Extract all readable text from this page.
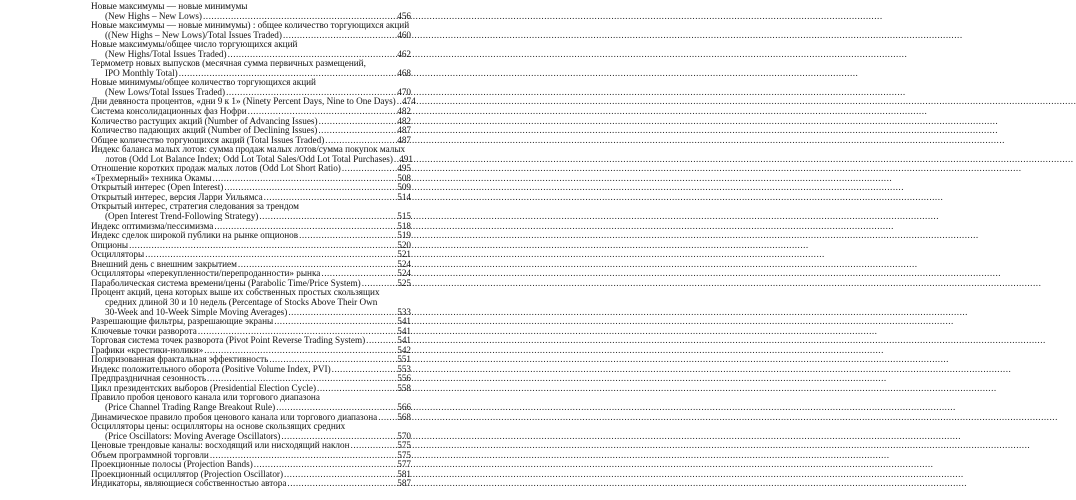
Новые максимумы — новые минимумы
(New Highs – New Lows) .....	456
Новые максимумы — новые минимумы) : общее количество торгующихся акций
((New Highs – New Lows)/Total Issues Traded) .....	460
Новые максимумы/общее число торгующихся акций
(New Highs/Total Issues Traded) .....	462
Термометр новых выпусков (месячная сумма первичных размещений,
IPO Monthly Total) .....	468
Новые минимумы/общее количество торгующихся акций
(New Lows/Total Issues Traded) .....	470
Дни девяноста процентов, «дни 9 к 1» (Ninety Percent Days, Nine to One Days) ..... 474
Система консолидационных фаз Нофри .....	482
Количество растущих акций (Number of Advancing Issues) .....	482
Количество падающих акций (Number of Declining Issues) .....	487
Общее количество торгующихся акций (Total Issues Traded) .....	487
Индекс баланса малых лотов: сумма продаж малых лотов/сумма покупок малых
лотов (Odd Lot Balance Index; Odd Lot Total Sales/Odd Lot Total Purchases) ..... 491
Отношение коротких продаж малых лотов (Odd Lot Short Ratio) .....	495
«Трехмерный» техника Окамы .....	508
Открытый интерес (Open Interest) .....	509
Открытый интерес, версия Ларри Уильямса .....	514
Открытый интерес, стратегия следования за трендом
(Open Interest Trend-Following Strategy) .....	515
Индекс оптимизма/пессимизма .....	518
Индекс сделок широкой публики на рынке опционов .....	519
Опционы .....	520
Осцилляторы .....	521
Внешний день с внешним закрытием .....	524
Осцилляторы «перекупленности/перепроданности» рынка .....	524
Параболическая система времени/цены (Parabolic Time/Price System) .....	525
Процент акций, цена которых выше их собственных простых скользящих
средних длиной 30 и 10 недель (Percentage of Stocks Above Their Own
30-Week and 10-Week Simple Moving Averages) .....	533
Разрешающие фильтры, разрешающие экраны .....	541
Ключевые точки разворота .....	541
Торговая система точек разворота (Pivot Point Reverse Trading System) .....	541
Графики «крестики-нолики» .....	542
Поляризованная фрактальная эффективность .....	551
Индекс положительного оборота (Positive Volume Index, PVI) .....	553
Предпраздничная сезонность .....	556
Цикл президентских выборов (Presidential Election Cycle) .....	558
Правило пробоя ценового канала или торгового диапазона
(Price Channel Trading Range Breakout Rule) .....	566
Динамическое правило пробоя ценового канала или торгового диапазона ..... 568
Осцилляторы цены: осцилляторы на основе скользящих средних
(Price Oscillators: Moving Average Oscillators) .....	570
Ценовые трендовые каналы: восходящий или нисходящий наклон .....	575
Объем программной торговли .....	575
Проекционные полосы (Projection Bands) .....	577
Проекционный осциллятор (Projection Oscillator) .....	581
Индикаторы, являющиеся собственностью автора .....	587
